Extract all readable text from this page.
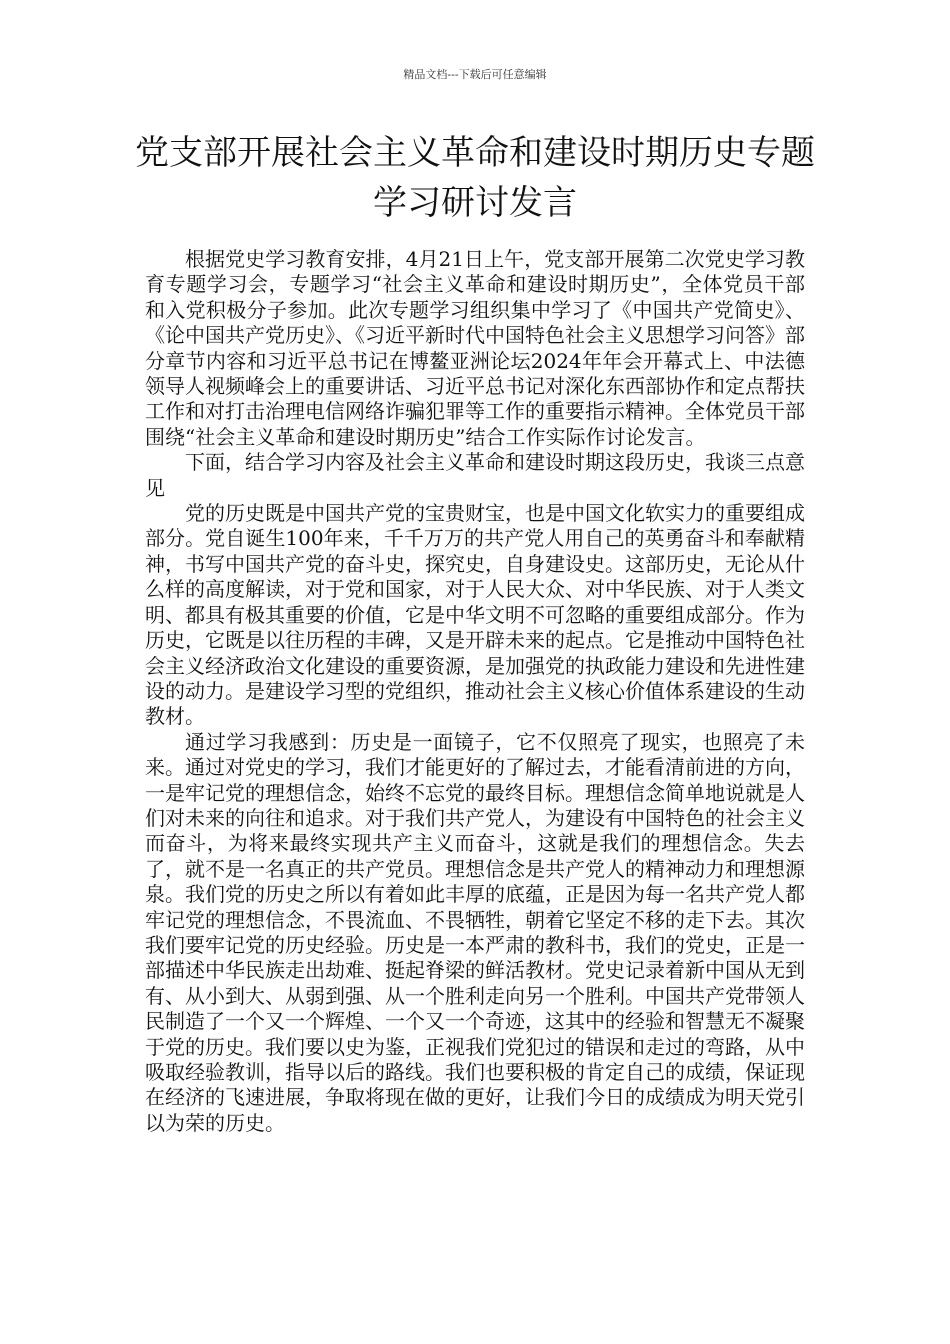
精品文档---下载后可任意编辑
党支部开展社会主义革命和建设时期历史专题学习研讨发言

根据党史学习教育安排，4月21日上午，党支部开展第二次党史学习教育专题学习会，专题学习“社会主义革命和建设时期历史”，全体党员干部和入党积极分子参加。此次专题学习组织集中学习了《中国共产党简史》、《论中国共产党历史》、《习近平新时代中国特色社会主义思想学习问答》部分章节内容和习近平总书记在博鳌亚洲论坛2024年年会开幕式上、中法德领导人视频峰会上的重要讲话、习近平总书记对深化东西部协作和定点帮扶工作和对打击治理电信网络诈骗犯罪等工作的重要指示精神。全体党员干部围绕“社会主义革命和建设时期历史”结合工作实际作讨论发言。

下面，结合学习内容及社会主义革命和建设时期这段历史，我谈三点意见

党的历史既是中国共产党的宝贵财宝，也是中国文化软实力的重要组成部分。党自诞生100年来，千千万万的共产党人用自己的英勇奋斗和奉献精神，书写中国共产党的奋斗史，探究史，自身建设史。这部历史，无论从什么样的高度解读，对于党和国家，对于人民大众、对中华民族、对于人类文明、都具有极其重要的价值，它是中华文明不可忽略的重要组成部分。作为历史，它既是以往历程的丰碑，又是开辟未来的起点。它是推动中国特色社会主义经济政治文化建设的重要资源，是加强党的执政能力建设和先进性建设的动力。是建设学习型的党组织，推动社会主义核心价值体系建设的生动教材。

通过学习我感到：历史是一面镜子，它不仅照亮了现实，也照亮了未来。通过对党史的学习，我们才能更好的了解过去，才能看清前进的方向，一是牢记党的理想信念，始终不忘党的最终目标。理想信念简单地说就是人们对未来的向往和追求。对于我们共产党人，为建设有中国特色的社会主义而奋斗，为将来最终实现共产主义而奋斗，这就是我们的理想信念。失去了，就不是一名真正的共产党员。理想信念是共产党人的精神动力和理想源泉。我们党的历史之所以有着如此丰厚的底蕴，正是因为每一名共产党人都牢记党的理想信念，不畏流血、不畏牺牲，朝着它坚定不移的走下去。其次我们要牢记党的历史经验。历史是一本严肃的教科书，我们的党史，正是一部描述中华民族走出劫难、挺起脊梁的鲜活教材。党史记录着新中国从无到有、从小到大、从弱到强、从一个胜利走向另一个胜利。中国共产党带领人民制造了一个又一个辉煌、一个又一个奇迹，这其中的经验和智慧无不凝聚于党的历史。我们要以史为鉴，正视我们党犯过的错误和走过的弯路，从中吸取经验教训，指导以后的路线。我们也要积极的肯定自己的成绩，保证现在经济的飞速进展，争取将现在做的更好，让我们今日的成绩成为明天党引以为荣的历史。
